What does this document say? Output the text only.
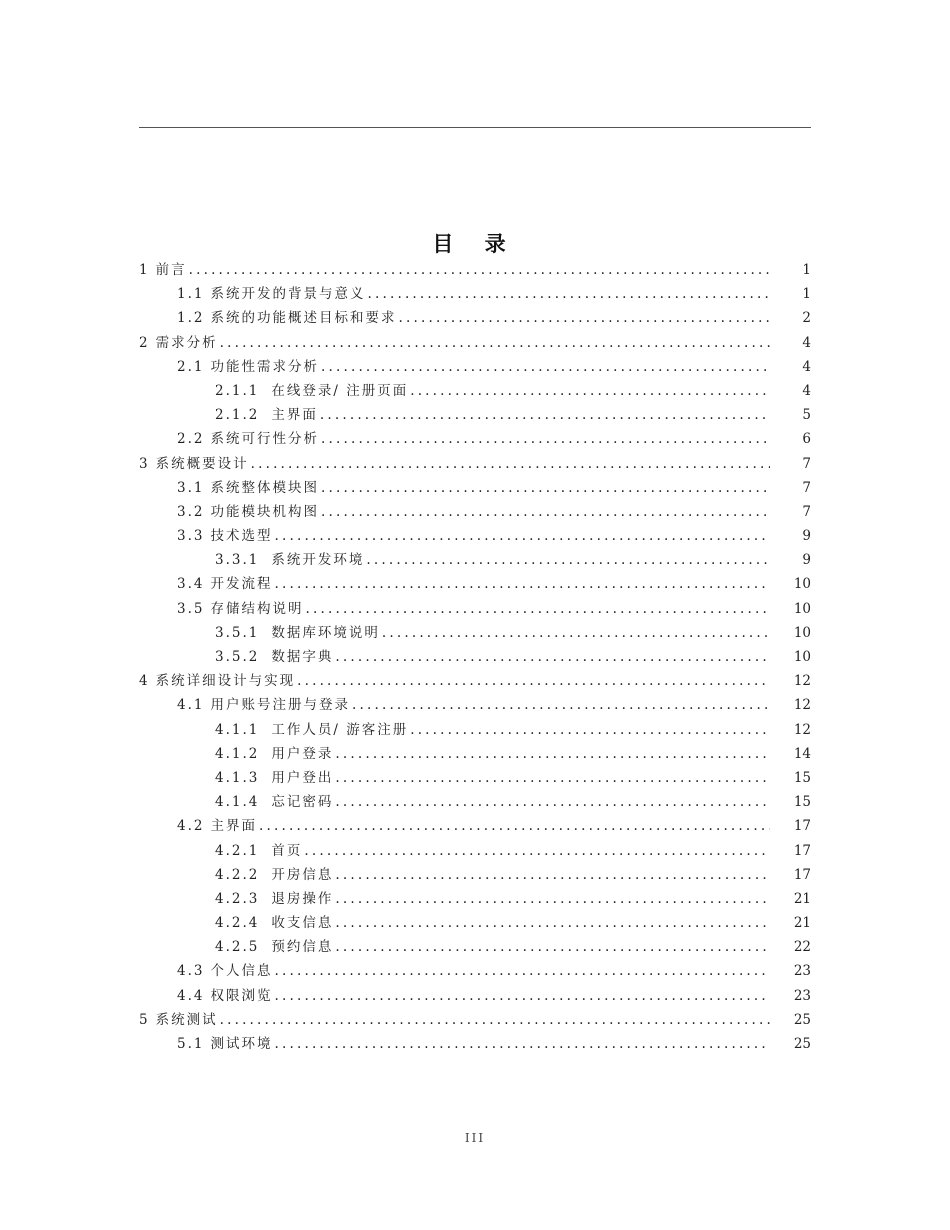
目 录
1 前言 .....	1
1.1 系统开发的背景与意义 .....	1
1.2 系统的功能概述目标和要求 .....	2
2 需求分析 .....	4
2.1 功能性需求分析 .....	4
2.1.1 在线登录/ 注册页面 .....	4
2.1.2 主界面 .....	5
2.2 系统可行性分析 .....	6
3 系统概要设计 .....	7
3.1 系统整体模块图 .....	7
3.2 功能模块机构图 .....	7
3.3 技术选型 .....	9
3.3.1 系统开发环境 .....	9
3.4 开发流程 .....	10
3.5 存储结构说明 .....	10
3.5.1 数据库环境说明 .....	10
3.5.2 数据字典 .....	10
4 系统详细设计与实现 .....	12
4.1 用户账号注册与登录 .....	12
4.1.1 工作人员/ 游客注册 .....	12
4.1.2 用户登录 .....	14
4.1.3 用户登出 .....	15
4.1.4 忘记密码 .....	15
4.2 主界面 .....	17
4.2.1 首页 .....	17
4.2.2 开房信息 .....	17
4.2.3 退房操作 .....	21
4.2.4 收支信息 .....	21
4.2.5 预约信息 .....	22
4.3 个人信息 .....	23
4.4 权限浏览 .....	23
5 系统测试 .....	25
5.1 测试环境 .....	25
III
